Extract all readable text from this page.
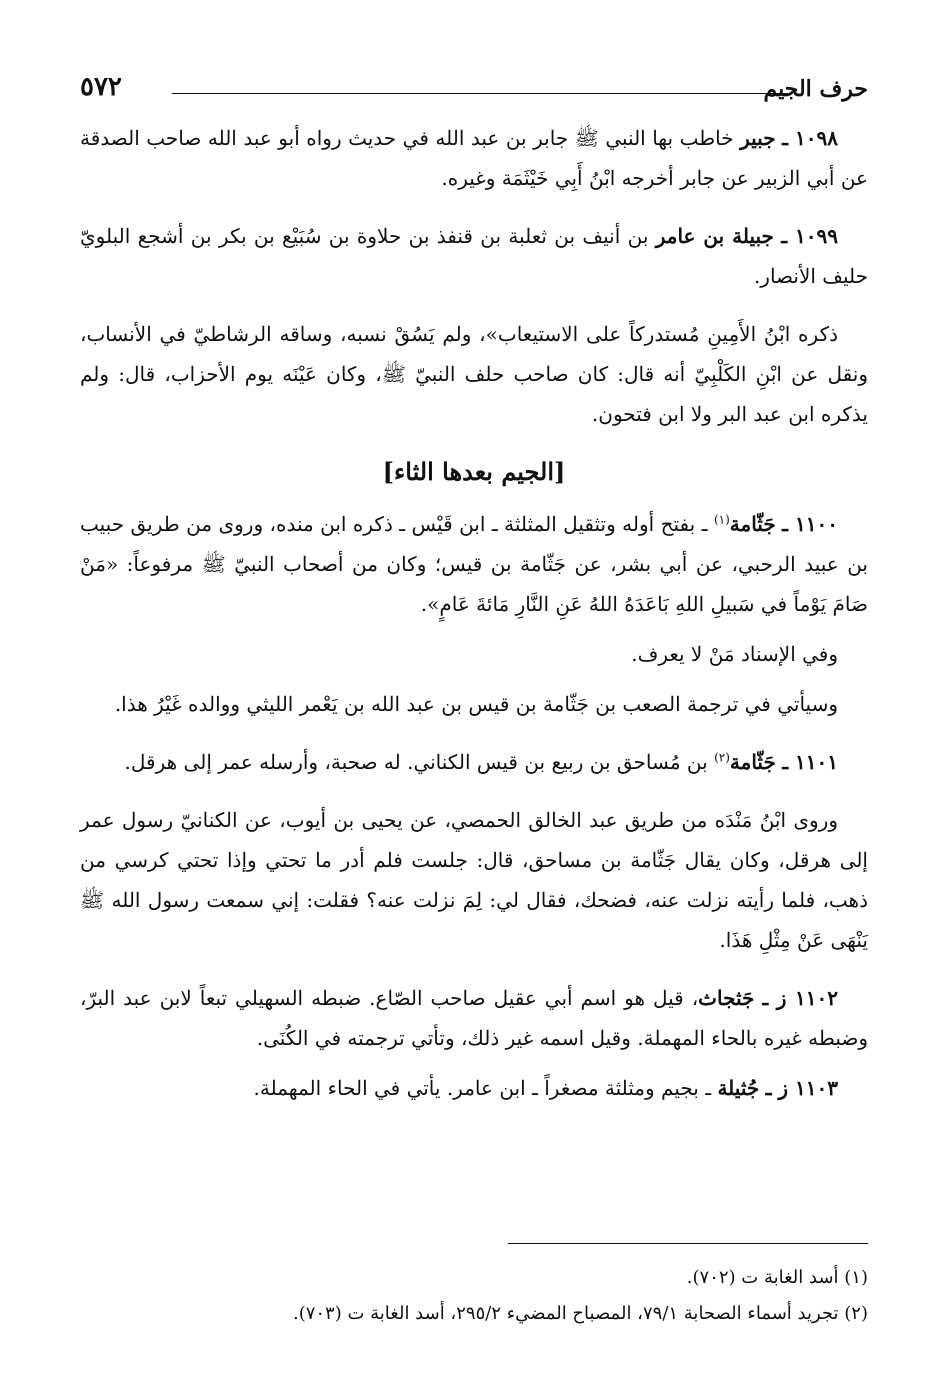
حرف الجيم
٥٧٢

١٠٩٨ ـ جبير خاطب بها النبي ﷺ جابر بن عبد الله في حديث رواه أبو عبد الله صاحب الصدقة عن أبي الزبير عن جابر أخرجه ابْنُ أَبِي خَيْثَمَة وغيره.

١٠٩٩ ـ جبيلة بن عامر بن أنيف بن ثعلبة بن قنفذ بن حلاوة بن سُبَيْع بن بكر بن أشجع البلويّ حليف الأنصار.

ذكره ابْنُ الأَمِينِ مُستدركاً على الاستيعاب»، ولم يَسُقْ نسبه، وساقه الرشاطيّ في الأنساب، ونقل عن ابْنِ الكَلْبِيّ أنه قال: كان صاحب حلف النبيّ ﷺ، وكان عَيْنَه يوم الأحزاب، قال: ولم يذكره ابن عبد البر ولا ابن فتحون.

[الجيم بعدها الثاء]

١١٠٠ ـ جَثّامة$^{(١)}$ ـ بفتح أوله وتثقيل المثلثة ـ ابن قَيْس ـ ذكره ابن منده، وروى من طريق حبيب بن عبيد الرحبي، عن أبي بشر، عن جَثّامة بن قيس؛ وكان من أصحاب النبيّ ﷺ مرفوعاً: «مَنْ صَامَ يَوْماً في سَبيلِ اللهِ بَاعَدَهُ اللهُ عَنِ النَّارِ مَائةَ عَامٍ».

وفي الإسناد مَنْ لا يعرف.

وسيأتي في ترجمة الصعب بن جَثّامة بن قيس بن عبد الله بن يَعْمر الليثي ووالده غَيْرُ هذا.

١١٠١ ـ جَثّامة$^{(٢)}$ بن مُساحق بن ربيع بن قيس الكناني. له صحبة، وأرسله عمر إلى هرقل.

وروى ابْنُ مَنْدَه من طريق عبد الخالق الحمصي، عن يحيى بن أيوب، عن الكنانيّ رسول عمر إلى هرقل، وكان يقال جَثّامة بن مساحق، قال: جلست فلم أدر ما تحتي وإذا تحتي كرسي من ذهب، فلما رأيته نزلت عنه، فضحك، فقال لي: لِمَ نزلت عنه؟ فقلت: إني سمعت رسول الله ﷺ يَنْهَى عَنْ مِثْلِ هَذَا.

١١٠٢ ز ـ جَثجاث، قيل هو اسم أبي عقيل صاحب الصّاع. ضبطه السهيلي تبعاً لابن عبد البرّ، وضبطه غيره بالحاء المهملة. وقيل اسمه غير ذلك، وتأتي ترجمته في الكُنَى.

١١٠٣ ز ـ جُثيلة ـ بجيم ومثلثة مصغراً ـ ابن عامر. يأتي في الحاء المهملة.

(١) أسد الغابة ت (٧٠٢).

(٢) تجريد أسماء الصحابة ٧٩/١، المصباح المضيء ٢٩٥/٢، أسد الغابة ت (٧٠٣).
